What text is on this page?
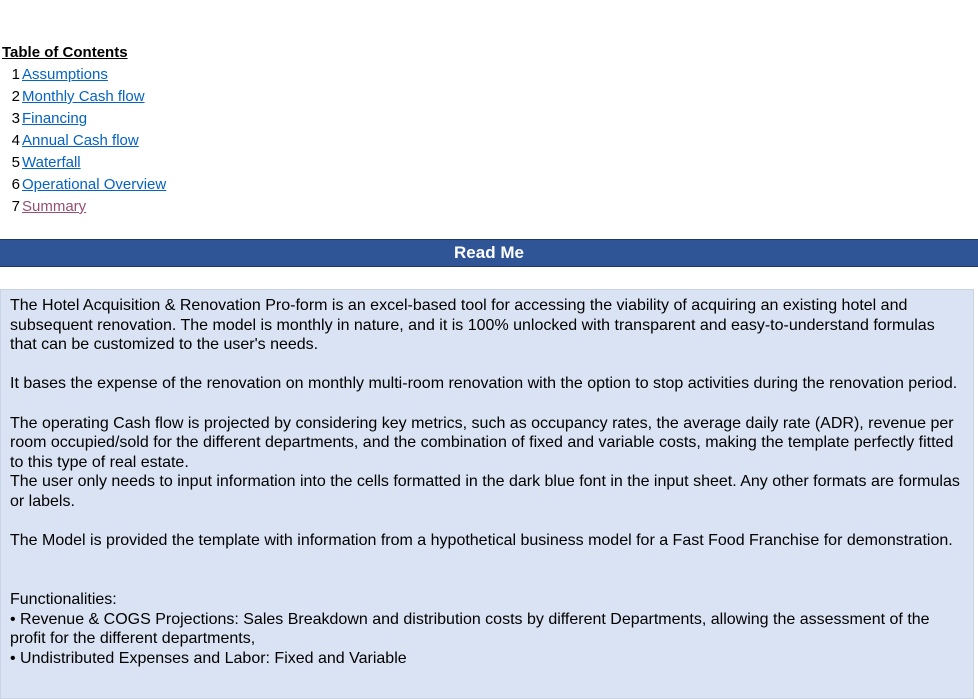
Table of Contents
1 Assumptions
2 Monthly Cash flow
3 Financing
4 Annual Cash flow
5 Waterfall
6 Operational Overview
7 Summary
Read Me
The Hotel Acquisition & Renovation Pro-form is an excel-based tool for accessing the viability of acquiring an existing hotel and subsequent renovation. The model is monthly in nature, and it is 100% unlocked with transparent and easy-to-understand formulas that can be customized to the user's needs.
It bases the expense of the renovation on monthly multi-room renovation with the option to stop activities during the renovation period.
The operating Cash flow is projected by considering key metrics, such as occupancy rates, the average daily rate (ADR), revenue per room occupied/sold for the different departments, and the combination of fixed and variable costs, making the template perfectly fitted to this type of real estate.
The user only needs to input information into the cells formatted in the dark blue font in the input sheet. Any other formats are formulas or labels.
The Model is provided the template with information from a hypothetical business model for a Fast Food Franchise for demonstration.
Functionalities:
• Revenue & COGS Projections: Sales Breakdown and distribution costs by different Departments, allowing the assessment of the profit for the different departments,
• Undistributed Expenses and Labor: Fixed and Variable
